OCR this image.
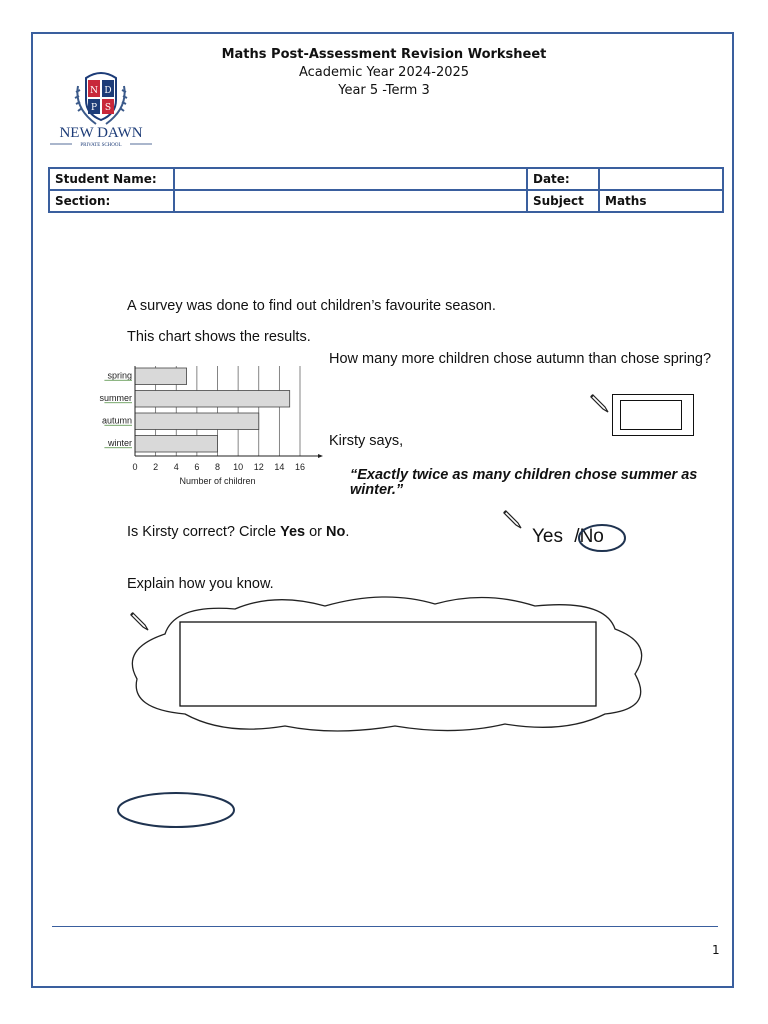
N D
P S
NEW DAWN
PRIVATE SCHOOL
Maths Post-Assessment Revision Worksheet
Academic Year 2024-2025
Year 5 -Term 3
Student Name:		Date:	
Section:		Subject	Maths
A survey was done to find out children’s favourite season.
This chart shows the results.
How many more children chose autumn than chose spring?
Kirsty says,
“Exactly twice as many children chose summer as winter.”
Is Kirsty correct? Circle Yes or No.
Explain how you know.
spring
summer
autumn
winter
0 2 4 6 8 10 12 14 16
Number of children
Yes /No
1
